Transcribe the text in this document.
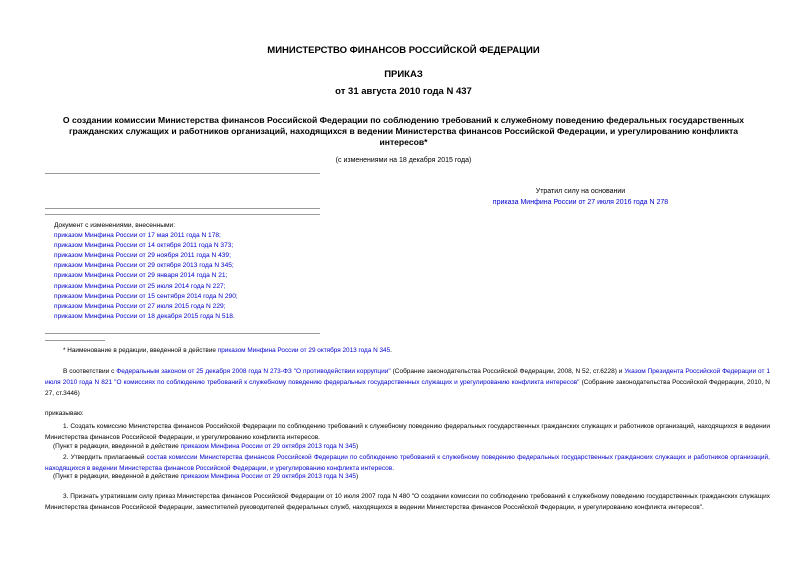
МИНИСТЕРСТВО ФИНАНСОВ РОССИЙСКОЙ ФЕДЕРАЦИИ
ПРИКАЗ
от 31 августа 2010 года N 437
О создании комиссии Министерства финансов Российской Федерации по соблюдению требований к служебному поведению федеральных государственных гражданских служащих и работников организаций, находящихся в ведении Министерства финансов Российской Федерации, и урегулированию конфликта интересов*
(с изменениями на 18 декабря 2015 года)
Утратил силу на основании
приказа Минфина России от 27 июля 2016 года N 278
Документ с изменениями, внесенными:
приказом Минфина России от 17 мая 2011 года N 178;
приказом Минфина России от 14 октября 2011 года N 373;
приказом Минфина России от 29 ноября 2011 года N 439;
приказом Минфина России от 29 октября 2013 года N 345;
приказом Минфина России от 29 января 2014 года N 21;
приказом Минфина России от 25 июля 2014 года N 227;
приказом Минфина России от 15 сентября 2014 года N 290;
приказом Минфина России от 27 июля 2015 года N 229;
приказом Минфина России от 18 декабря 2015 года N 518.
* Наименование в редакции, введенной в действие приказом Минфина России от 29 октября 2013 года N 345.
В соответствии с Федеральным законом от 25 декабря 2008 года N 273-ФЗ "О противодействии коррупции" (Собрание законодательства Российской Федерации, 2008, N 52, ст.6228) и Указом Президента Российской Федерации от 1 июля 2010 года N 821 "О комиссиях по соблюдению требований к служебному поведению федеральных государственных служащих и урегулированию конфликта интересов" (Собрание законодательства Российской Федерации, 2010, N 27, ст.3446)
приказываю:
1. Создать комиссию Министерства финансов Российской Федерации по соблюдению требований к служебному поведению федеральных государственных гражданских служащих и работников организаций, находящихся в ведении Министерства финансов Российской Федерации, и урегулированию конфликта интересов.
(Пункт в редакции, введенной в действие приказом Минфина России от 29 октября 2013 года N 345)
2. Утвердить прилагаемый состав комиссии Министерства финансов Российской Федерации по соблюдению требований к служебному поведению федеральных государственных гражданских служащих и работников организаций, находящихся в ведении Министерства финансов Российской Федерации, и урегулированию конфликта интересов.
(Пункт в редакции, введенной в действие приказом Минфина России от 29 октября 2013 года N 345)
3. Признать утратившим силу приказ Министерства финансов Российской Федерации от 10 июля 2007 года N 480 "О создании комиссии по соблюдению требований к служебному поведению государственных гражданских служащих Министерства финансов Российской Федерации, заместителей руководителей федеральных служб, находящихся в ведении Министерства финансов Российской Федерации, и урегулированию конфликта интересов".
